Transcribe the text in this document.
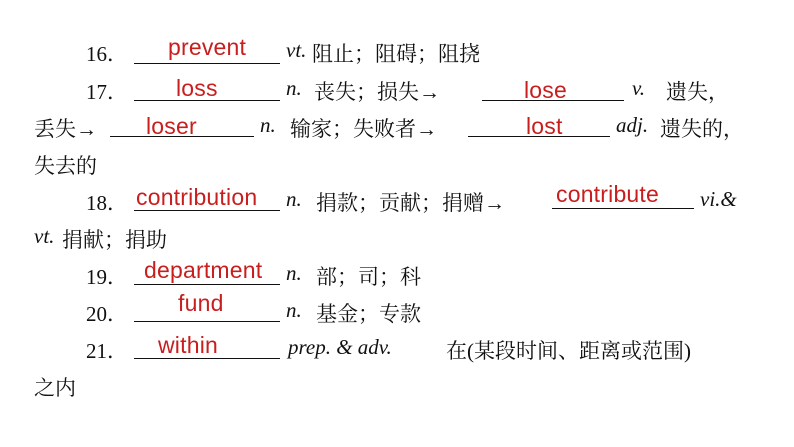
16． prevent vt. 阻止；阻碍；阻挠
17． loss	n. 丧失；损失→	lose	v. 遗失，
丢失→ loser	n. 输家；失败者→	lost	adj. 遗失的，
失去的
18． contribution n. 捐款；贡献；捐赠→ contribute vi.&
vt. 捐献；捐助
19． department n. 部；司；科
20． fund	n. 基金；专款
21． within	prep. & adv.	在(某段时间、距离或范围)
之内
